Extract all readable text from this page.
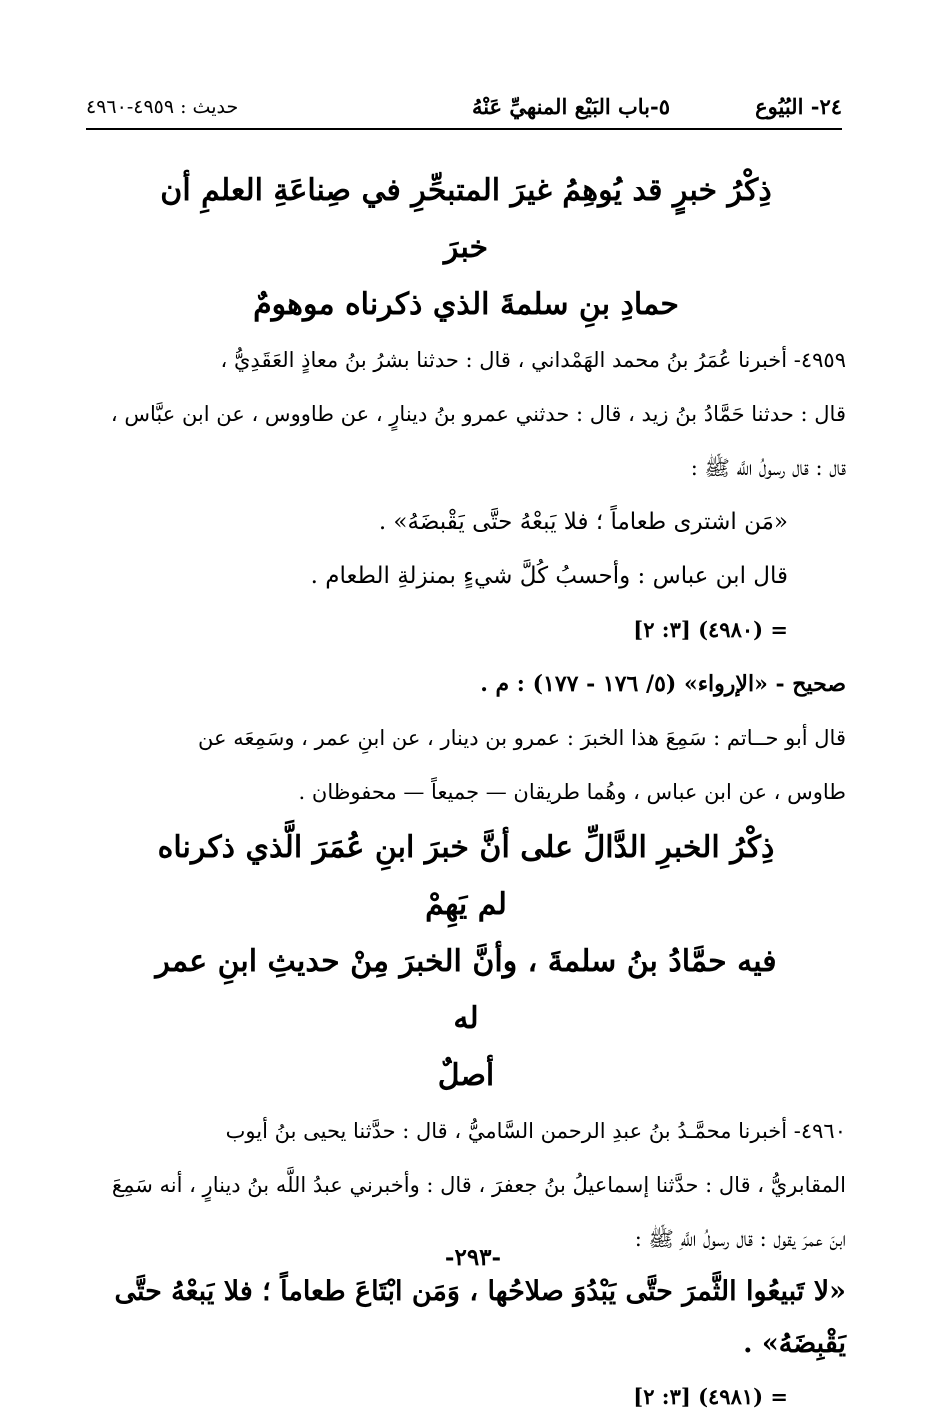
٢٤- البُيُوع
٥-باب البَيْع المنهيِّ عَنْهُ
حديث : ٤٩٥٩-٤٩٦٠

ذِكْرُ خبرٍ قد يُوهِمُ غيرَ المتبحِّرِ في صِناعَةِ العلمِ أن خبرَ

حمادِ بنِ سلمةَ الذي ذكرناه موهومٌ

٤٩٥٩- أخبرنا عُمَرُ بنُ محمد الهَمْداني ، قال : حدثنا بشرُ بنُ معاذٍ العَقَدِيُّ ،

قال : حدثنا حَمَّادُ بنُ زيد ، قال : حدثني عمرو بنُ دينارٍ ، عن طاووس ، عن ابن عبَّاس ،

قال : قال رسولُ اللَّه ﷺ :

«مَن اشترى طعاماً ؛ فلا يَبعْهُ حتَّى يَقْبضَهُ» .

قال ابن عباس : وأحسبُ كُلَّ شيءٍ بمنزلةِ الطعام .

= (٤٩٨٠) [٣: ٢]

صحيح - «الإرواء» (٥/ ١٧٦ - ١٧٧) : م .

قال أبو حــاتم : سَمِعَ هذا الخبرَ : عمرو بن دينار ، عن ابنِ عمر ، وسَمِعَه عن

طاوس ، عن ابن عباس ، وهُما طريقان — جميعاً — محفوظان .

ذِكْرُ الخبرِ الدَّالِّ على أنَّ خبرَ ابنِ عُمَرَ الَّذي ذكرناه لم يَهِمْ

فيه حمَّادُ بنُ سلمةَ ، وأنَّ الخبرَ مِنْ حديثِ ابنِ عمر له

أصلٌ

٤٩٦٠- أخبرنا محمَّـدُ بنُ عبدِ الرحمن السَّاميُّ ، قال : حدَّثنا يحيى بنُ أيوب

المقابريُّ ، قال : حدَّثنا إسماعيلُ بنُ جعفرَ ، قال : وأخبرني عبدُ اللَّه بنُ دينارٍ ، أنه سَمِعَ

ابنَ عمرَ يقول : قال رسولُ اللَّهِ ﷺ :

«لا تَبيعُوا الثَّمرَ حتَّى يَبْدُوَ صلاحُها ، وَمَن ابْتَاعَ طعاماً ؛ فلا يَبعْهُ حتَّى

يَقْبِضَهُ» .

= (٤٩٨١) [٣: ٢]

-٢٩٣-
